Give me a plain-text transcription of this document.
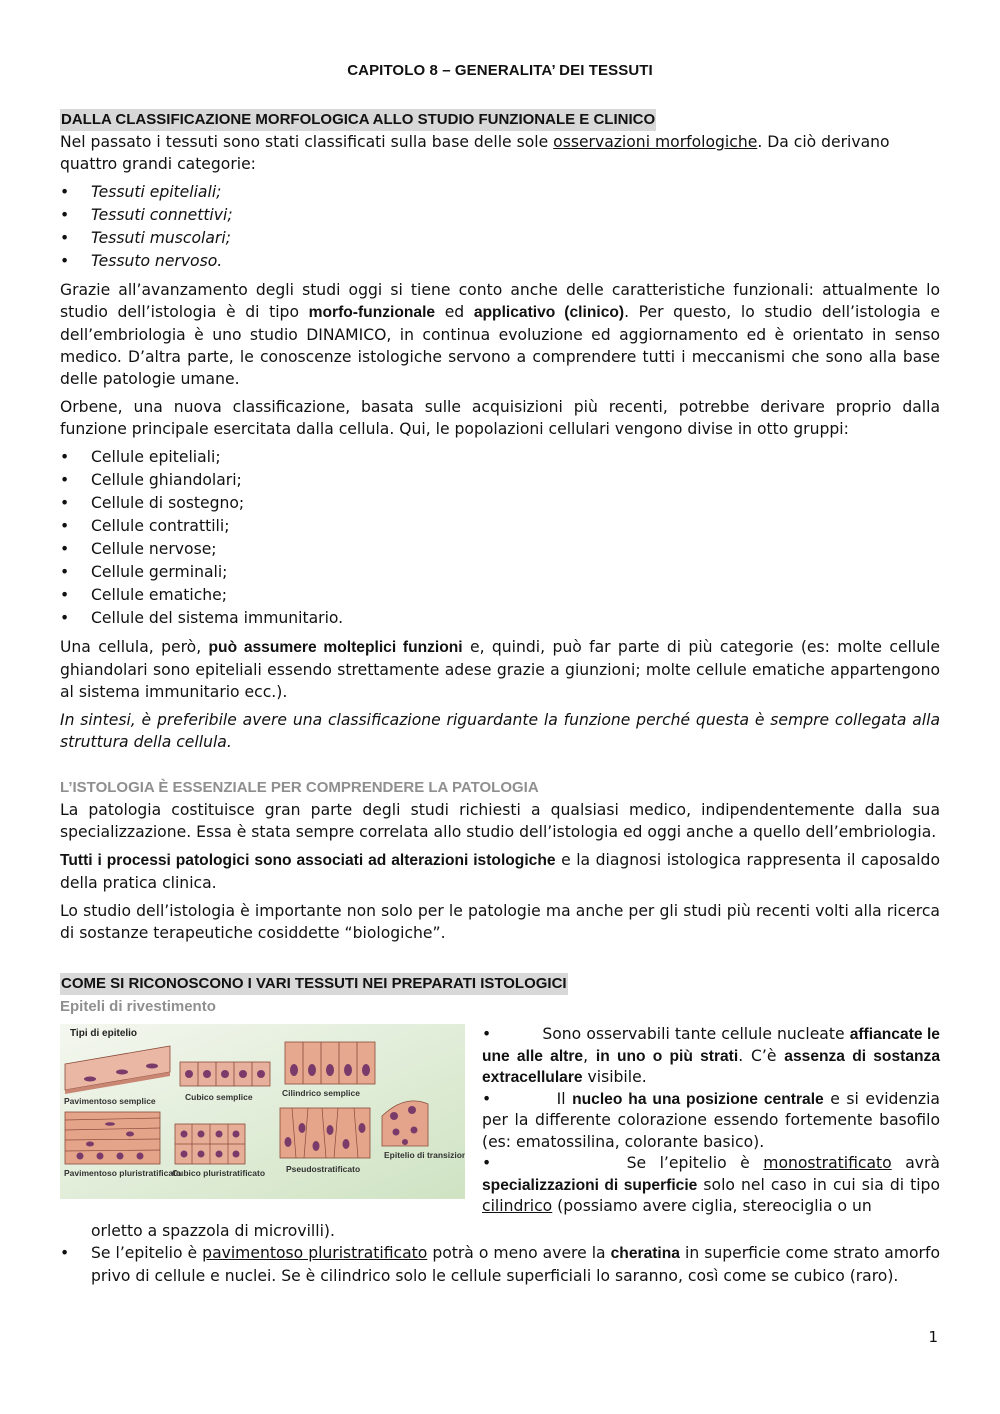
CAPITOLO 8 – GENERALITA’ DEI TESSUTI
DALLA CLASSIFICAZIONE MORFOLOGICA ALLO STUDIO FUNZIONALE E CLINICO

Nel passato i tessuti sono stati classificati sulla base delle sole osservazioni morfologiche. Da ciò derivano quattro grandi categorie:

• Tessuti epiteliali;
• Tessuti connettivi;
• Tessuti muscolari;
• Tessuto nervoso.

Grazie all’avanzamento degli studi oggi si tiene conto anche delle caratteristiche funzionali: attualmente lo studio dell’istologia è di tipo morfo-funzionale ed applicativo (clinico). Per questo, lo studio dell’istologia e dell’embriologia è uno studio DINAMICO, in continua evoluzione ed aggiornamento ed è orientato in senso medico. D’altra parte, le conoscenze istologiche servono a comprendere tutti i meccanismi che sono alla base delle patologie umane.

Orbene, una nuova classificazione, basata sulle acquisizioni più recenti, potrebbe derivare proprio dalla funzione principale esercitata dalla cellula. Qui, le popolazioni cellulari vengono divise in otto gruppi:

• Cellule epiteliali;
• Cellule ghiandolari;
• Cellule di sostegno;
• Cellule contrattili;
• Cellule nervose;
• Cellule germinali;
• Cellule ematiche;
• Cellule del sistema immunitario.

Una cellula, però, può assumere molteplici funzioni e, quindi, può far parte di più categorie (es: molte cellule ghiandolari sono epiteliali essendo strettamente adese grazie a giunzioni; molte cellule ematiche appartengono al sistema immunitario ecc.).

In sintesi, è preferibile avere una classificazione riguardante la funzione perché questa è sempre collegata alla struttura della cellula.

L’ISTOLOGIA È ESSENZIALE PER COMPRENDERE LA PATOLOGIA

La patologia costituisce gran parte degli studi richiesti a qualsiasi medico, indipendentemente dalla sua specializzazione. Essa è stata sempre correlata allo studio dell’istologia ed oggi anche a quello dell’embriologia.

Tutti i processi patologici sono associati ad alterazioni istologiche e la diagnosi istologica rappresenta il caposaldo della pratica clinica.

Lo studio dell’istologia è importante non solo per le patologie ma anche per gli studi più recenti volti alla ricerca di sostanze terapeutiche cosiddette “biologiche”.

COME SI RICONOSCONO I VARI TESSUTI NEI PREPARATI ISTOLOGICI
Epiteli di rivestimento
Tipi di epitelio
Pavimentoso semplice	Cubico semplice	Cilindrico semplice
Pavimentoso pluristratificato
Cubico pluristratificato Pseudostratificato
Epitelio di transizione

•          Sono osservabili tante cellule nucleate affiancate le une alle altre, in uno o più strati. C’è assenza di sostanza extracellulare visibile.

•          Il nucleo ha una posizione centrale e si evidenzia per la differente colorazione essendo fortemente basofilo (es: ematossilina, colorante basico).

•          Se l’epitelio è monostratificato avrà specializzazioni di superficie solo nel caso in cui sia di tipo cilindrico (possiamo avere ciglia, stereociglia o un

orletto a spazzola di microvilli).

• Se l’epitelio è pavimentoso pluristratificato potrà o meno avere la cheratina in superficie come strato amorfo privo di cellule e nuclei. Se è cilindrico solo le cellule superficiali lo saranno, così come se cubico (raro).
1
